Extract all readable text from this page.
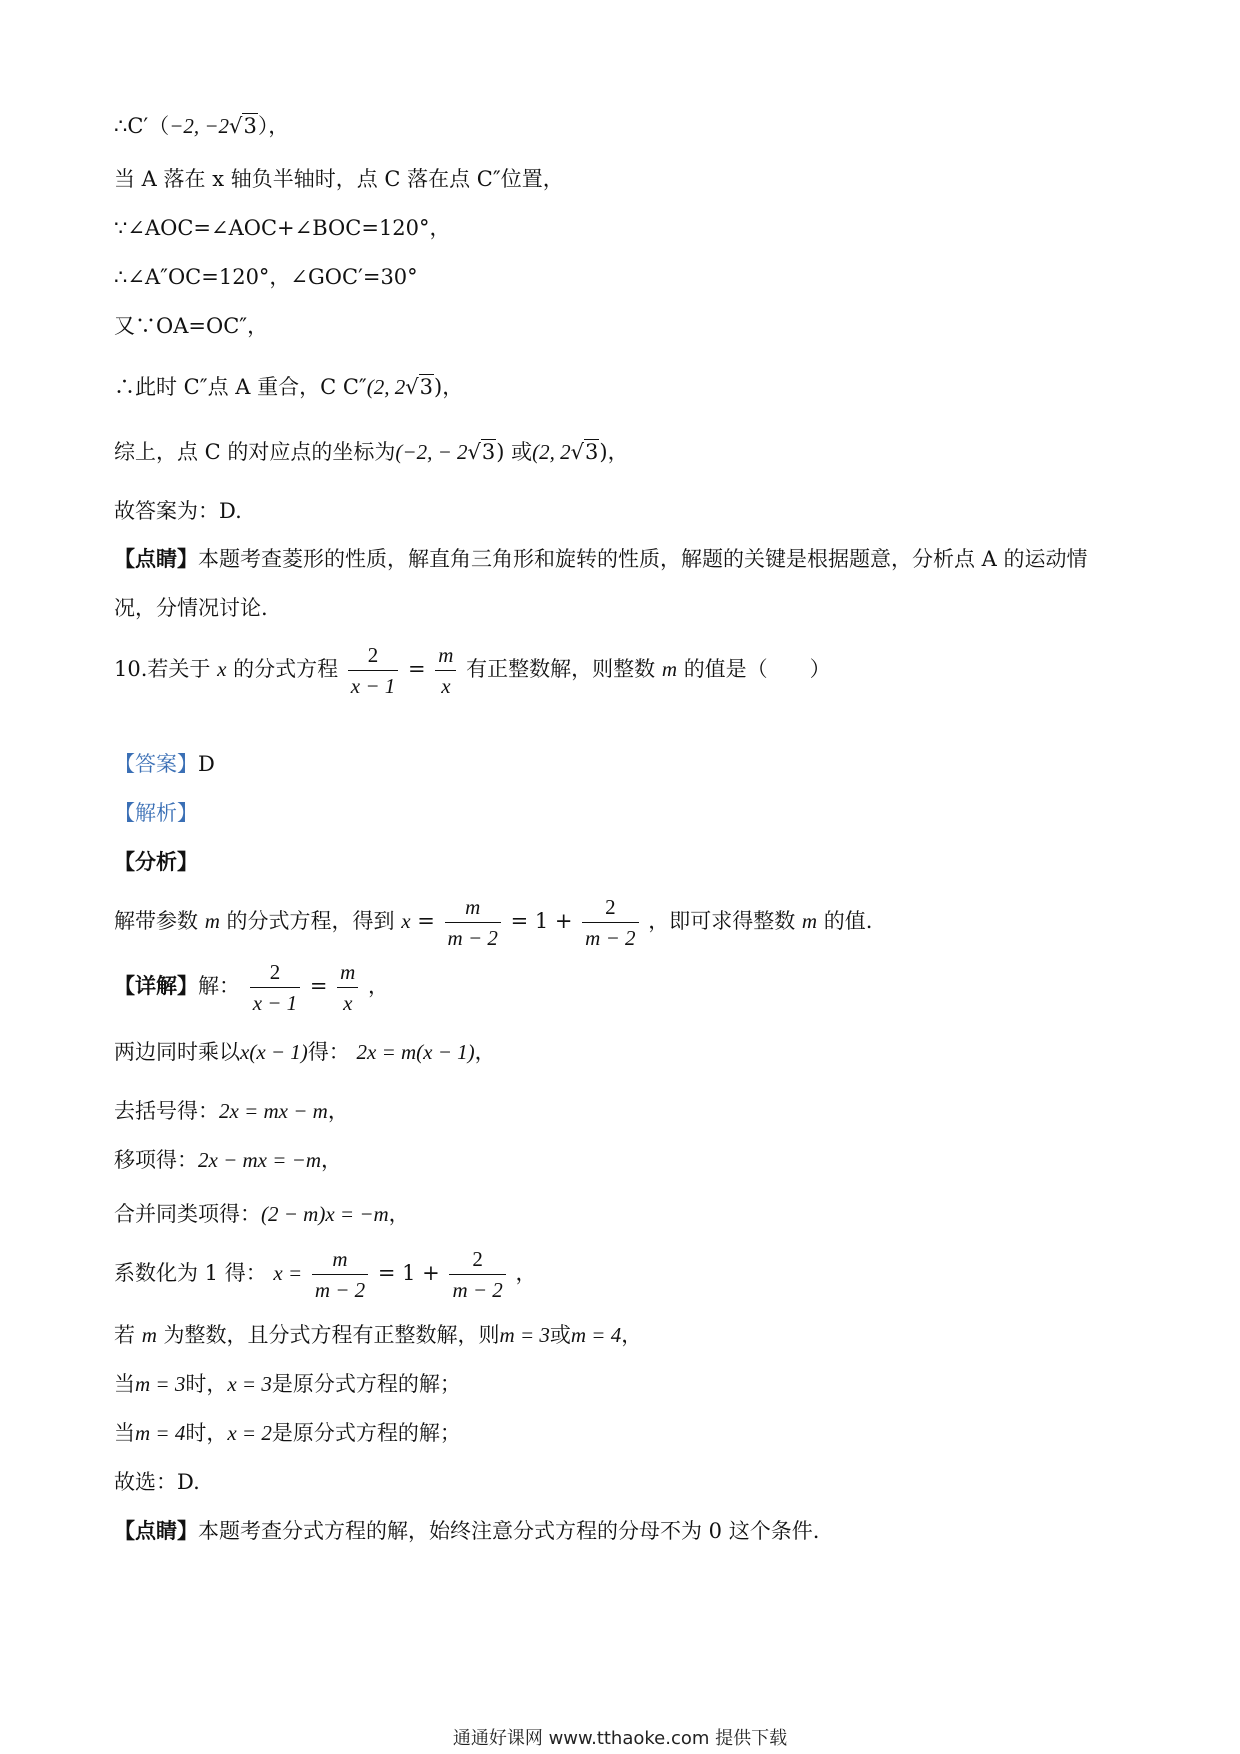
∴C′（−2, −2√3），
当 A 落在 x 轴负半轴时，点 C 落在点 C″位置，
∵∠AOC=∠AOC+∠BOC=120°，
∴∠A″OC=120°，∠GOC′=30°
又∵OA=OC″，
∴此时 C″点 A 重合，C C″(2, 2√3)，
综上，点 C 的对应点的坐标为(−2, − 2√3) 或(2, 2√3)，
故答案为：D.
【点睛】本题考查菱形的性质，解直角三角形和旋转的性质，解题的关键是根据题意，分析点 A 的运动情
况，分情况讨论.
10.若关于 x 的分式方程 $\frac{2}{x - 1} = \frac{m}{x}$ 有正整数解，则整数 m 的值是（　　）
【答案】D
【解析】
【分析】
解带参数 m 的分式方程，得到 $x = \frac{m}{m - 2} = 1 + \frac{2}{m - 2}$ ，即可求得整数 m 的值.
【详解】解： $\frac{2}{x - 1} = \frac{m}{x}$ ，
两边同时乘以x(x − 1)得： 2x = m(x − 1)，
去括号得：2x = mx − m，
移项得：2x − mx = −m，
合并同类项得：(2 − m)x = −m，
系数化为 1 得： $x = \frac{m}{m - 2} = 1 + \frac{2}{m - 2}$ ，
若 m 为整数，且分式方程有正整数解，则m = 3或m = 4，
当m = 3时，x = 3是原分式方程的解；
当m = 4时，x = 2是原分式方程的解；
故选：D.
【点睛】本题考查分式方程的解，始终注意分式方程的分母不为 0 这个条件.
通通好课网 www.tthaoke.com 提供下载
